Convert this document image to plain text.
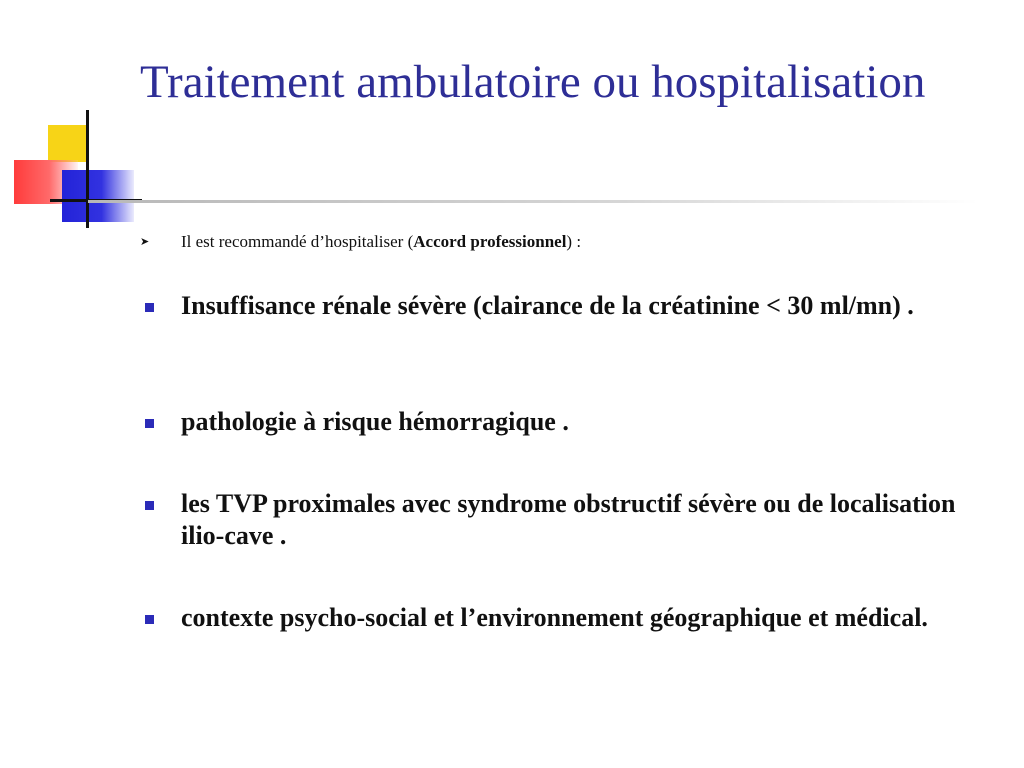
Traitement ambulatoire ou hospitalisation
➤ Il est recommandé d’hospitaliser (Accord professionnel) :
Insuffisance rénale sévère (clairance de la créatinine < 30 ml/mn) .
pathologie à risque hémorragique .
les TVP proximales avec syndrome obstructif sévère ou de localisation ilio-cave .
contexte psycho-social et l’environnement géographique et médical.
